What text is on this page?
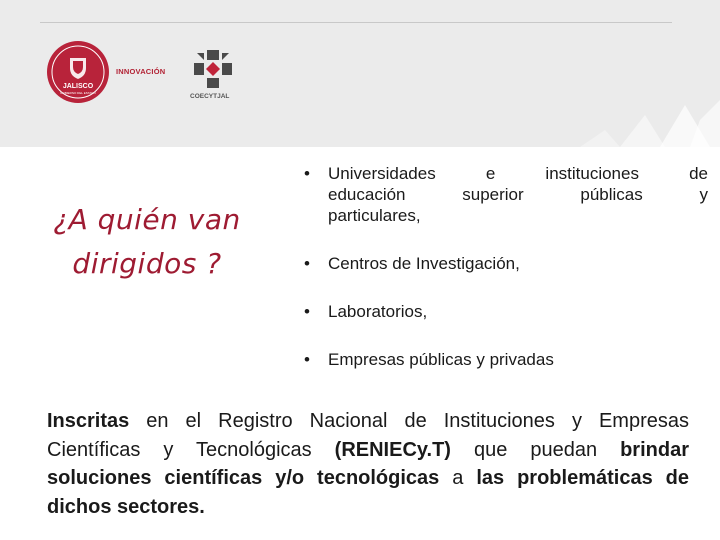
JALISCO
GOBIERNO DEL ESTADO
INNOVACIÓN
COECYTJAL
¿A quién van
dirigidos ?
• Universidades e instituciones de
educación superior públicas y
particulares,
• Centros de Investigación,
• Laboratorios,
• Empresas públicas y privadas
Inscritas en el Registro Nacional de Instituciones y Empresas Científicas y Tecnológicas (RENIECy.T) que puedan brindar soluciones científicas y/o tecnológicas a las problemáticas de dichos sectores.
